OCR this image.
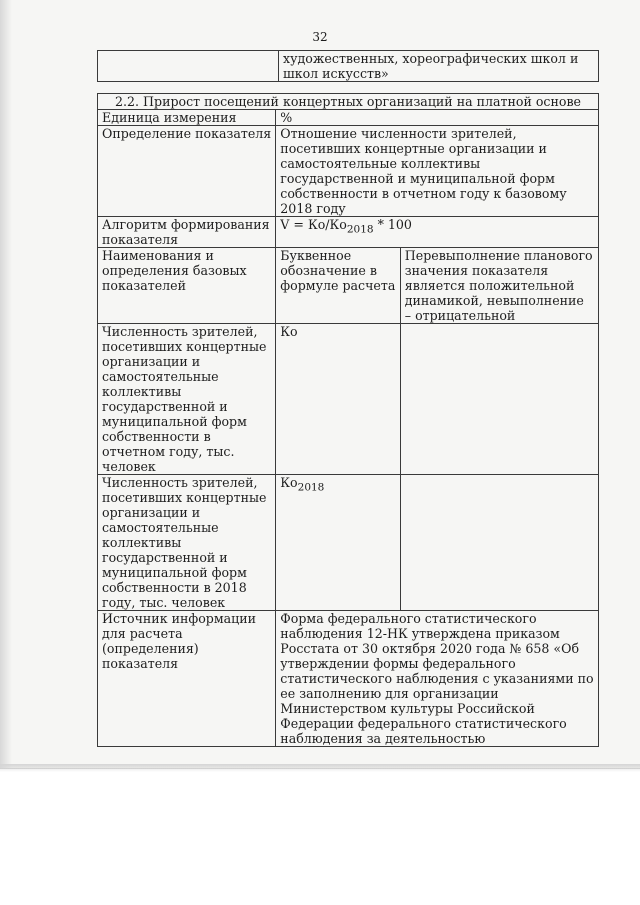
32
	художественных, хореографических школ и школ искусств»
2.2. Прирост посещений концертных организаций на платной основе		
Единица измерения	%	
Определение показателя	Отношение численности зрителей, посетивших концертные организации и самостоятельные коллективы государственной и муниципальной форм собственности в отчетном году к базовому 2018 году	
Алгоритм формирования показателя	$V = Ко/Ко_{2018} * 100$	
Наименования и определения базовых показателей	Буквенное обозначение в формуле расчета	Перевыполнение планового значения показателя является положительной динамикой, невыполнение – отрицательной
Численность зрителей, посетивших концертные организации и самостоятельные коллективы государственной и муниципальной форм собственности в отчетном году, тыс. человек	Ко	
Численность зрителей, посетивших концертные организации и самостоятельные коллективы государственной и муниципальной форм собственности в 2018 году, тыс. человек	$Ко_{2018}$	
Источник информации для расчета (определения) показателя	Форма федерального статистического наблюдения 12-НК утверждена приказом Росстата от 30 октября 2020 года № 658 «Об утверждении формы федерального статистического наблюдения с указаниями по ее заполнению для организации Министерством культуры Российской Федерации федерального статистического наблюдения за деятельностью	
